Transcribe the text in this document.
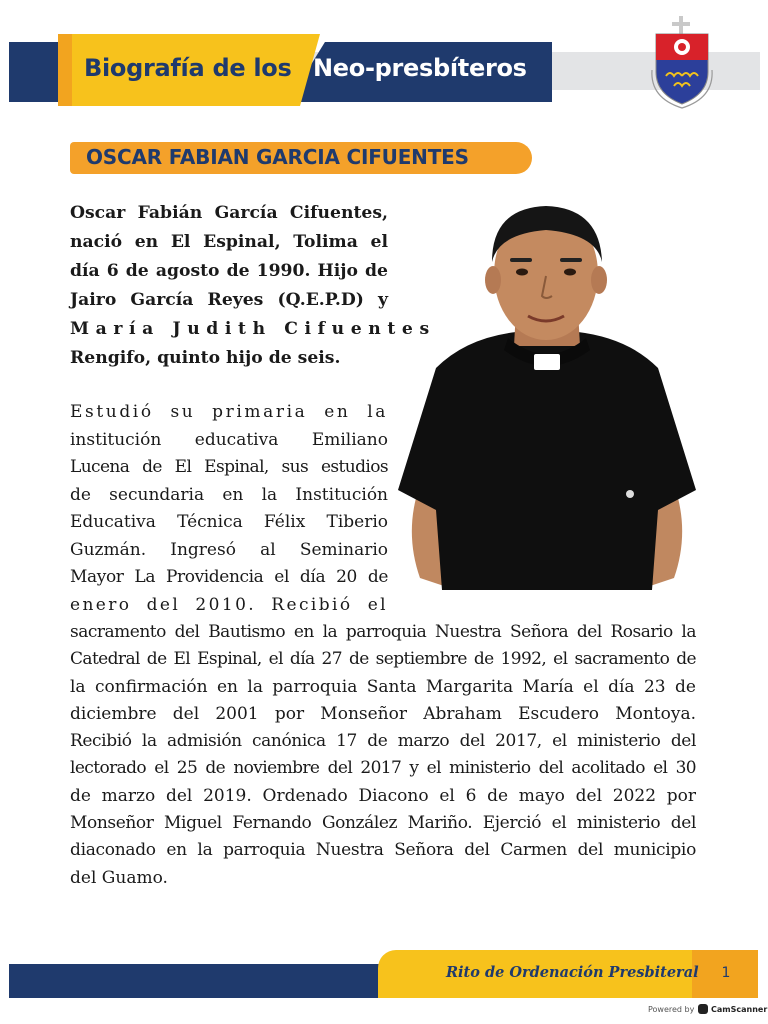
Biografía de los Neo-presbíteros
OSCAR FABIAN GARCIA CIFUENTES
Oscar Fabián García Cifuentes,
nació en El Espinal, Tolima el
día 6 de agosto de 1990. Hijo de
Jairo García Reyes (Q.E.P.D) y
María Judith Cifuentes
Rengifo, quinto hijo de seis.
Estudió su primaria en la
institución educativa Emiliano
Lucena de El Espinal, sus estudios
de secundaria en la Institución
Educativa Técnica Félix Tiberio
Guzmán. Ingresó al Seminario
Mayor La Providencia el día 20 de
enero del 2010. Recibió el
sacramento del Bautismo en la parroquia Nuestra Señora del Rosario la
Catedral de El Espinal, el día 27 de septiembre de 1992, el sacramento de
la confirmación en la parroquia Santa Margarita María el día 23 de
diciembre del 2001 por Monseñor Abraham Escudero Montoya.
Recibió la admisión canónica 17 de marzo del 2017, el ministerio del
lectorado el 25 de noviembre del 2017 y el ministerio del acolitado el 30
de marzo del 2019. Ordenado Diacono el 6 de mayo del 2022 por
Monseñor Miguel Fernando González Mariño. Ejerció el ministerio del
diaconado en la parroquia Nuestra Señora del Carmen del municipio
del Guamo.
Rito de Ordenación Presbiteral	1
Powered by CamScanner
